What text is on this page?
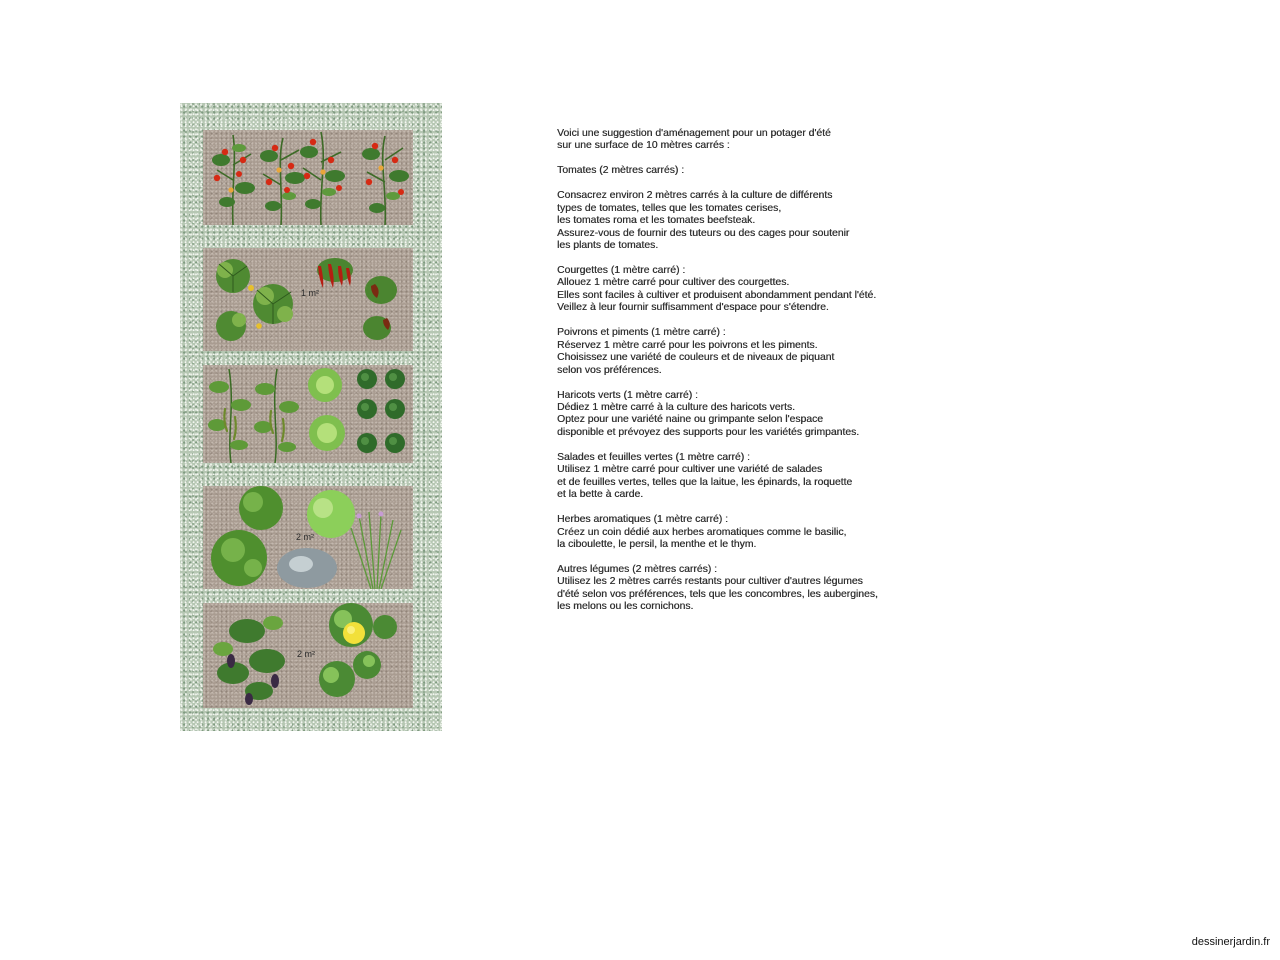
1 m²
2 m²
2 m²
Voici une suggestion d'aménagement pour un potager d'été
sur une surface de 10 mètres carrés :

Tomates (2 mètres carrés) :

Consacrez environ 2 mètres carrés à la culture de différents
types de tomates, telles que les tomates cerises,
les tomates roma et les tomates beefsteak.
Assurez-vous de fournir des tuteurs ou des cages pour soutenir
les plants de tomates.

Courgettes (1 mètre carré) :
Allouez 1 mètre carré pour cultiver des courgettes.
Elles sont faciles à cultiver et produisent abondamment pendant l'été.
Veillez à leur fournir suffisamment d'espace pour s'étendre.

Poivrons et piments (1 mètre carré) :
Réservez 1 mètre carré pour les poivrons et les piments.
Choisissez une variété de couleurs et de niveaux de piquant
selon vos préférences.

Haricots verts (1 mètre carré) :
Dédiez 1 mètre carré à la culture des haricots verts.
Optez pour une variété naine ou grimpante selon l'espace
disponible et prévoyez des supports pour les variétés grimpantes.

Salades et feuilles vertes (1 mètre carré) :
Utilisez 1 mètre carré pour cultiver une variété de salades
et de feuilles vertes, telles que la laitue, les épinards, la roquette
et la bette à carde.

Herbes aromatiques (1 mètre carré) :
Créez un coin dédié aux herbes aromatiques comme le basilic,
la ciboulette, le persil, la menthe et le thym.

Autres légumes (2 mètres carrés) :
Utilisez les 2 mètres carrés restants pour cultiver d'autres légumes
d'été selon vos préférences, tels que les concombres, les aubergines,
les melons ou les cornichons.

dessinerjardin.fr
